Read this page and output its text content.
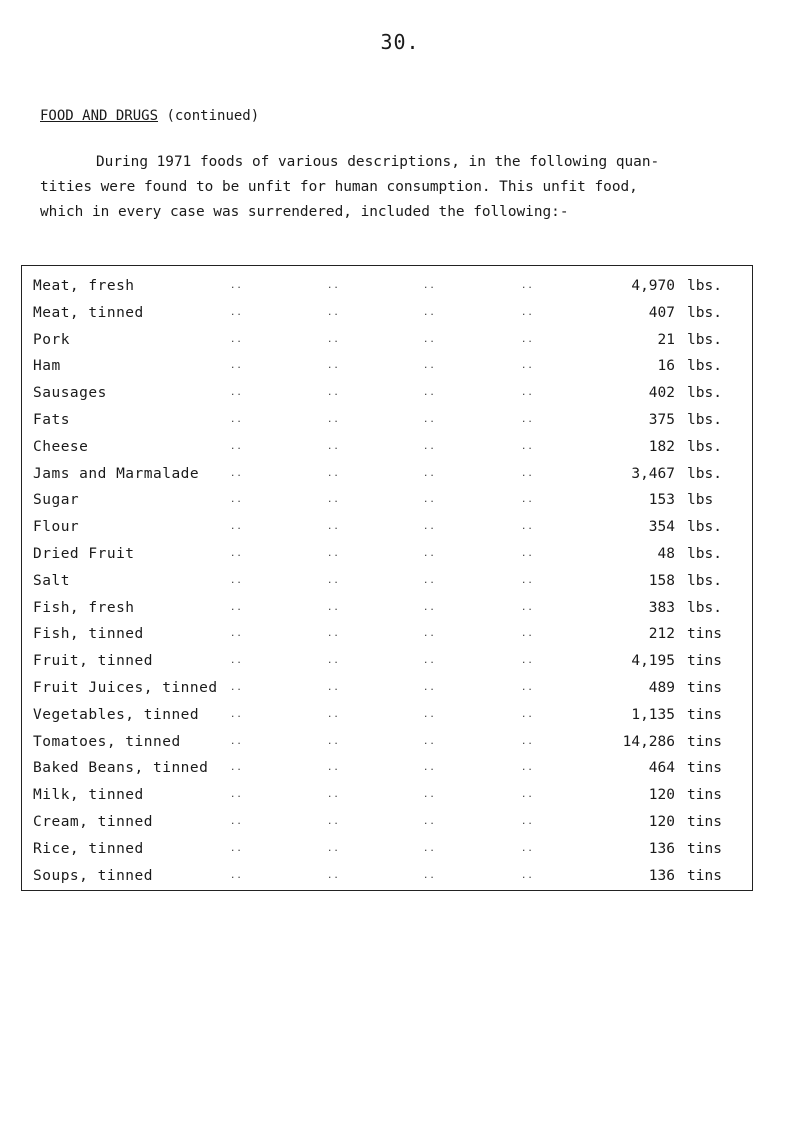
30.
FOOD AND DRUGS (continued)

During 1971 foods of various descriptions, in the following quan-
tities were found to be unfit for human consumption. This unfit food,
which in every case was surrendered, included the following:-

Meat, fresh	..	..	..	..	4,970 lbs.
Meat, tinned	..	..	..	..	407 lbs.
Pork	..	..	..	..	21 lbs.
Ham	..	..	..	..	16 lbs.
Sausages	..	..	..	..	402 lbs.
Fats	..	..	..	..	375 lbs.
Cheese	..	..	..	..	182 lbs.
Jams and Marmalade	..	..	..	..	3,467 lbs.
Sugar	..	..	..	..	153 lbs
Flour	..	..	..	..	354 lbs.
Dried Fruit	..	..	..	..	48 lbs.
Salt	..	..	..	..	158 lbs.
Fish, fresh	..	..	..	..	383 lbs.
Fish, tinned	..	..	..	..	212 tins
Fruit, tinned	..	..	..	..	4,195 tins
Fruit Juices, tinned ..	..	..	..	489 tins
Vegetables, tinned	..	..	..	..	1,135 tins
Tomatoes, tinned	..	..	..	..	14,286 tins
Baked Beans, tinned ..	..	..	..	464 tins
Milk, tinned	..	..	..	..	120 tins
Cream, tinned	..	..	..	..	120 tins
Rice, tinned	..	..	..	..	136 tins
Soups, tinned	..	..	..	..	136 tins
